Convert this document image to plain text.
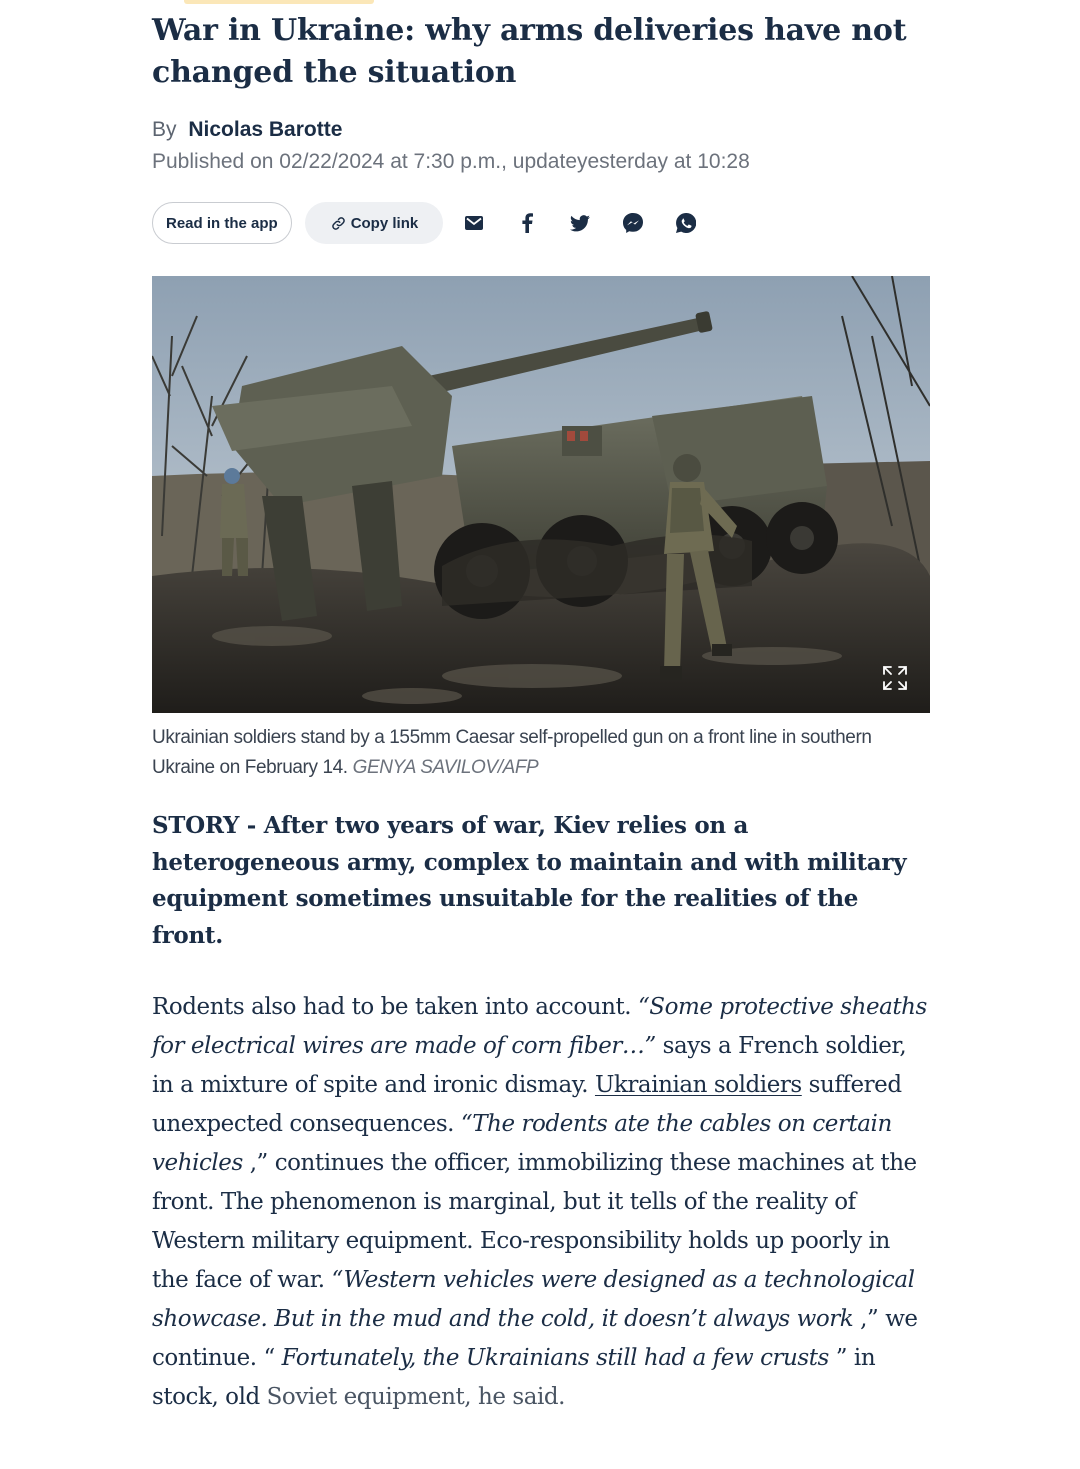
War in Ukraine: why arms deliveries have not changed the situation
By Nicolas Barotte
Published on 02/22/2024 at 7:30 p.m., updateyesterday at 10:28
Read in the app	Copy link

Ukrainian soldiers stand by a 155mm Caesar self-propelled gun on a front line in southern Ukraine on February 14. GENYA SAVILOV/AFP

STORY - After two years of war, Kiev relies on a heterogeneous army, complex to maintain and with military equipment sometimes unsuitable for the realities of the front.

Rodents also had to be taken into account. “Some protective sheaths for electrical wires are made of corn fiber…” says a French soldier, in a mixture of spite and ironic dismay. Ukrainian soldiers suffered unexpected consequences. “The rodents ate the cables on certain vehicles ,” continues the officer, immobilizing these machines at the front. The phenomenon is marginal, but it tells of the reality of Western military equipment. Eco-responsibility holds up poorly in the face of war. “Western vehicles were designed as a technological showcase. But in the mud and the cold, it doesn’t always work ,” we continue. “ Fortunately, the Ukrainians still had a few crusts ” in stock, old Soviet equipment, he said.
